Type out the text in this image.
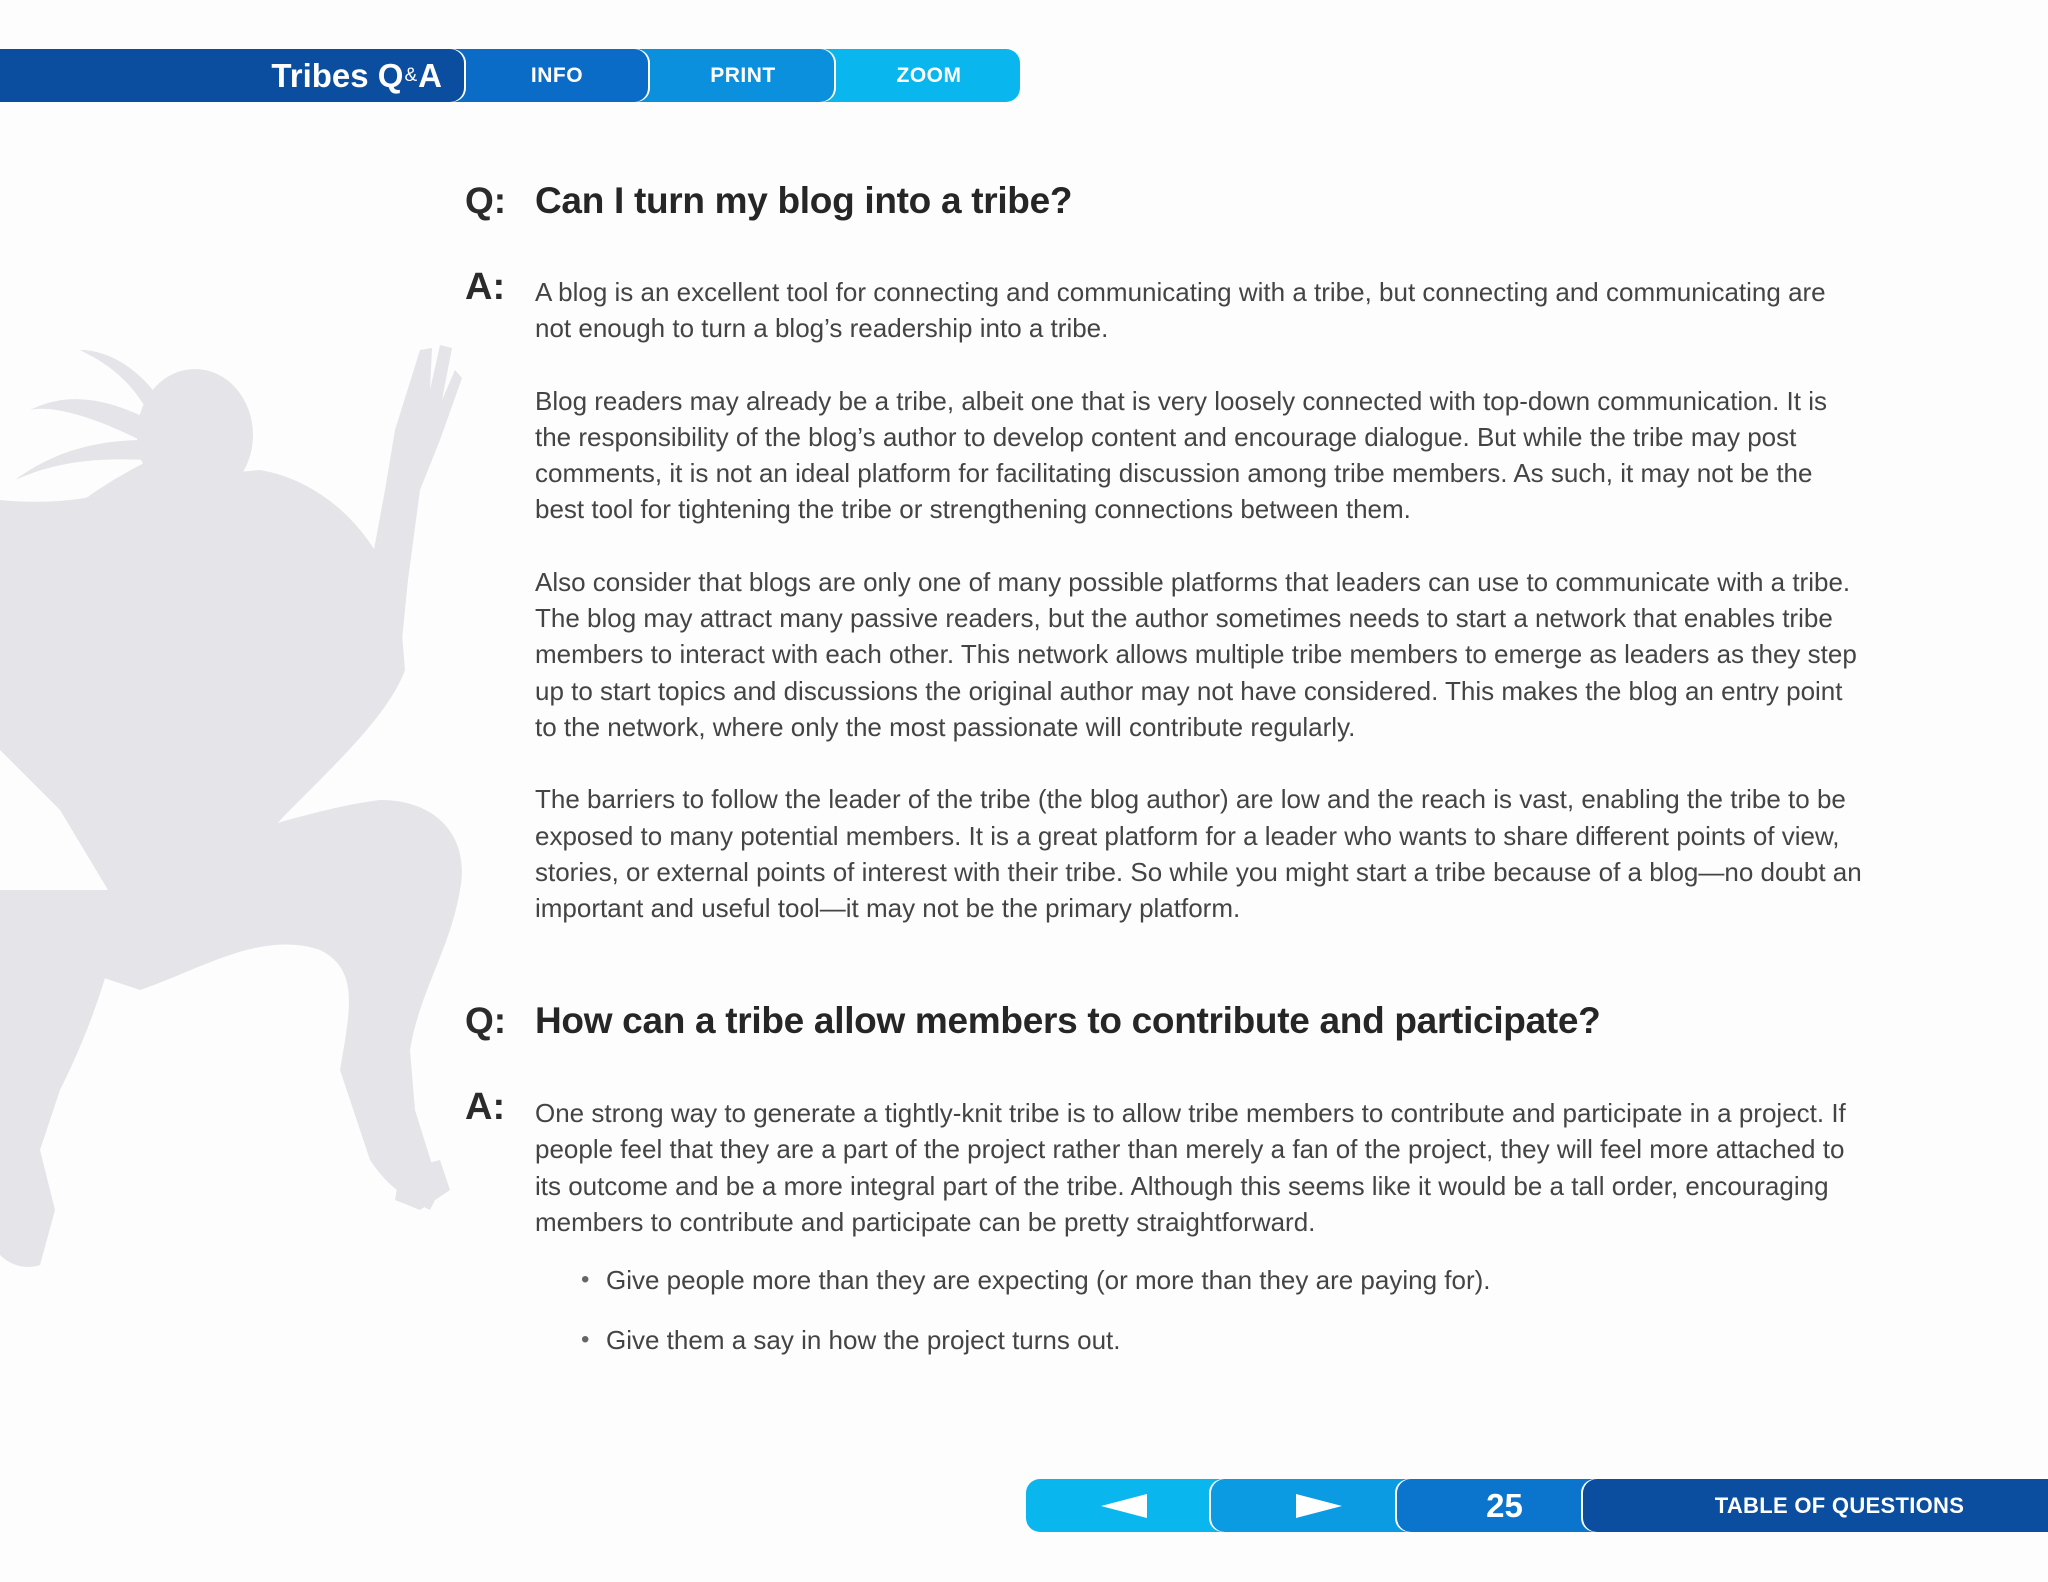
Tribes Q & A	INFO	PRINT	ZOOM
Q: Can I turn my blog into a tribe?
A: A blog is an excellent tool for connecting and communicating with a tribe, but connecting and communicating are not enough to turn a blog’s readership into a tribe.

Blog readers may already be a tribe, albeit one that is very loosely connected with top-down communication. It is the responsibility of the blog’s author to develop content and encourage dialogue. But while the tribe may post comments, it is not an ideal platform for facilitating discussion among tribe members. As such, it may not be the best tool for tightening the tribe or strengthening connections between them.

Also consider that blogs are only one of many possible platforms that leaders can use to communicate with a tribe. The blog may attract many passive readers, but the author sometimes needs to start a network that enables tribe members to interact with each other. This network allows multiple tribe members to emerge as leaders as they step up to start topics and discussions the original author may not have considered. This makes the blog an entry point to the network, where only the most passionate will contribute regularly.

The barriers to follow the leader of the tribe (the blog author) are low and the reach is vast, enabling the tribe to be exposed to many potential members. It is a great platform for a leader who wants to share different points of view, stories, or external points of interest with their tribe. So while you might start a tribe because of a blog—no doubt an important and useful tool—it may not be the primary platform.

Q: How can a tribe allow members to contribute and participate?
A: One strong way to generate a tightly-knit tribe is to allow tribe members to contribute and participate in a project. If people feel that they are a part of the project rather than merely a fan of the project, they will feel more attached to its outcome and be a more integral part of the tribe. Although this seems like it would be a tall order, encouraging members to contribute and participate can be pretty straightforward.

• Give people more than they are expecting (or more than they are paying for).
• Give them a say in how the project turns out.
25	TABLE OF QUESTIONS
